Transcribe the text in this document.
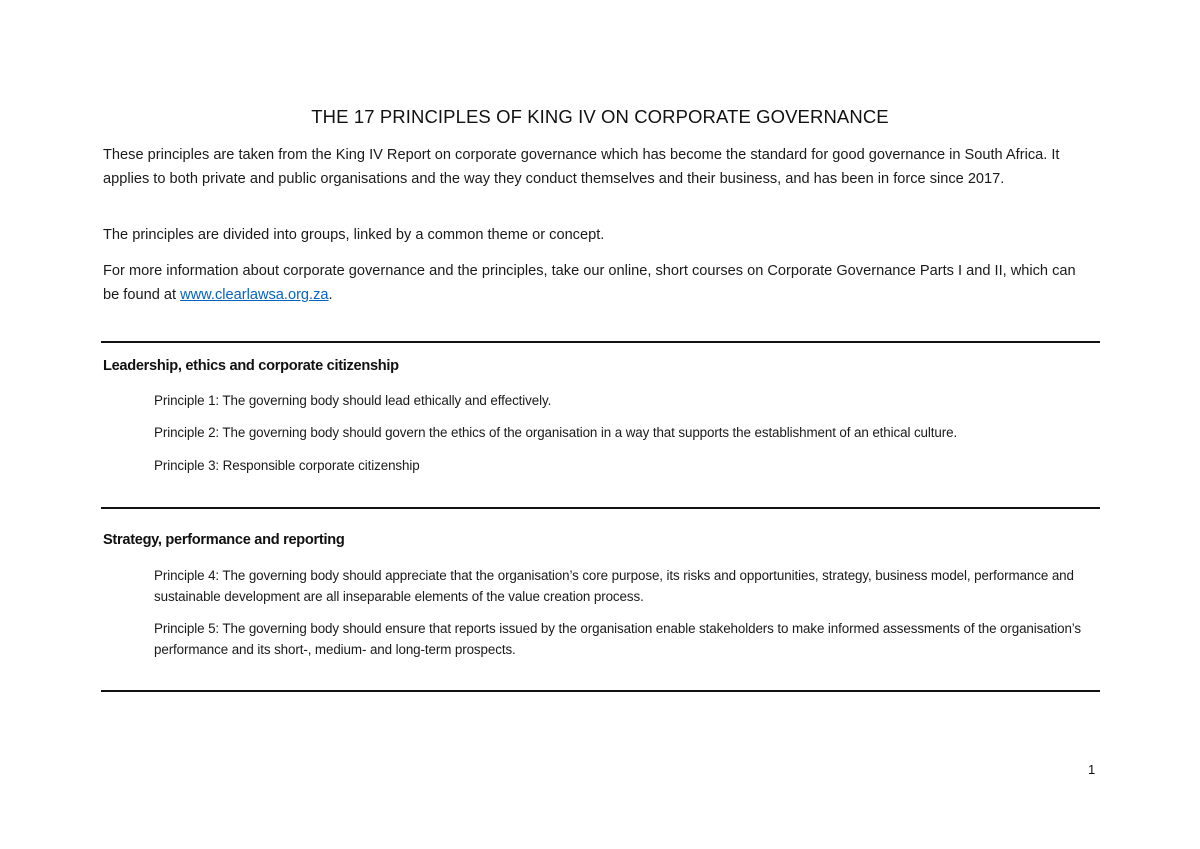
THE 17 PRINCIPLES OF KING IV ON CORPORATE GOVERNANCE

These principles are taken from the King IV Report on corporate governance which has become the standard for good governance in South Africa. It applies to both private and public organisations and the way they conduct themselves and their business, and has been in force since 2017.

The principles are divided into groups, linked by a common theme or concept.

For more information about corporate governance and the principles, take our online, short courses on Corporate Governance Parts I and II, which can be found at www.clearlawsa.org.za.

Leadership, ethics and corporate citizenship
Principle 1: The governing body should lead ethically and effectively.
Principle 2: The governing body should govern the ethics of the organisation in a way that supports the establishment of an ethical culture.
Principle 3: Responsible corporate citizenship
Strategy, performance and reporting
Principle 4: The governing body should appreciate that the organisation’s core purpose, its risks and opportunities, strategy, business model, performance and sustainable development are all inseparable elements of the value creation process.
Principle 5: The governing body should ensure that reports issued by the organisation enable stakeholders to make informed assessments of the organisation’s performance and its short-, medium- and long-term prospects.
1
